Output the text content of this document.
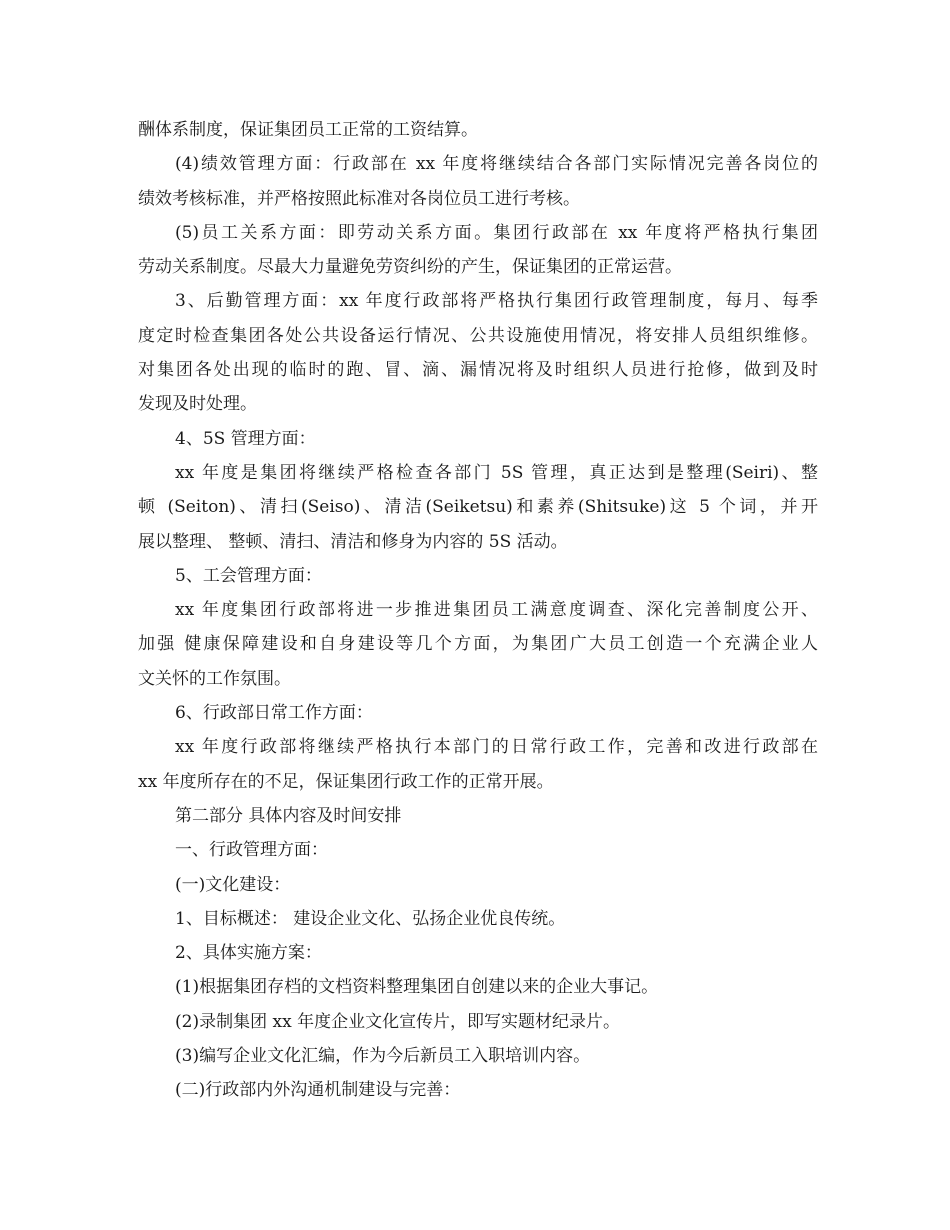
酬体系制度，保证集团员工正常的工资结算。
(4)绩效管理方面：行政部在 xx 年度将继续结合各部门实际情况完善各岗位的
绩效考核标准，并严格按照此标准对各岗位员工进行考核。
(5)员工关系方面：即劳动关系方面。集团行政部在 xx 年度将严格执行集团
劳动关系制度。尽最大力量避免劳资纠纷的产生，保证集团的正常运营。
3、后勤管理方面：xx 年度行政部将严格执行集团行政管理制度，每月、每季
度定时检查集团各处公共设备运行情况、公共设施使用情况，将安排人员组织维修。
对集团各处出现的临时的跑、冒、滴、漏情况将及时组织人员进行抢修，做到及时
发现及时处理。
4、5S 管理方面：
xx 年度是集团将继续严格检查各部门 5S 管理，真正达到是整理(Seiri)、整
顿 (Seiton)、清扫(Seiso)、清洁(Seiketsu)和素养(Shitsuke)这 5 个词，并开
展以整理、 整顿、清扫、清洁和修身为内容的 5S 活动。
5、工会管理方面：
xx 年度集团行政部将进一步推进集团员工满意度调查、深化完善制度公开、
加强 健康保障建设和自身建设等几个方面，为集团广大员工创造一个充满企业人
文关怀的工作氛围。
6、行政部日常工作方面：
xx 年度行政部将继续严格执行本部门的日常行政工作，完善和改进行政部在
xx 年度所存在的不足，保证集团行政工作的正常开展。
第二部分 具体内容及时间安排
一、行政管理方面：
(一)文化建设：
1、目标概述： 建设企业文化、弘扬企业优良传统。
2、具体实施方案：
(1)根据集团存档的文档资料整理集团自创建以来的企业大事记。
(2)录制集团 xx 年度企业文化宣传片，即写实题材纪录片。
(3)编写企业文化汇编，作为今后新员工入职培训内容。
(二)行政部内外沟通机制建设与完善：
